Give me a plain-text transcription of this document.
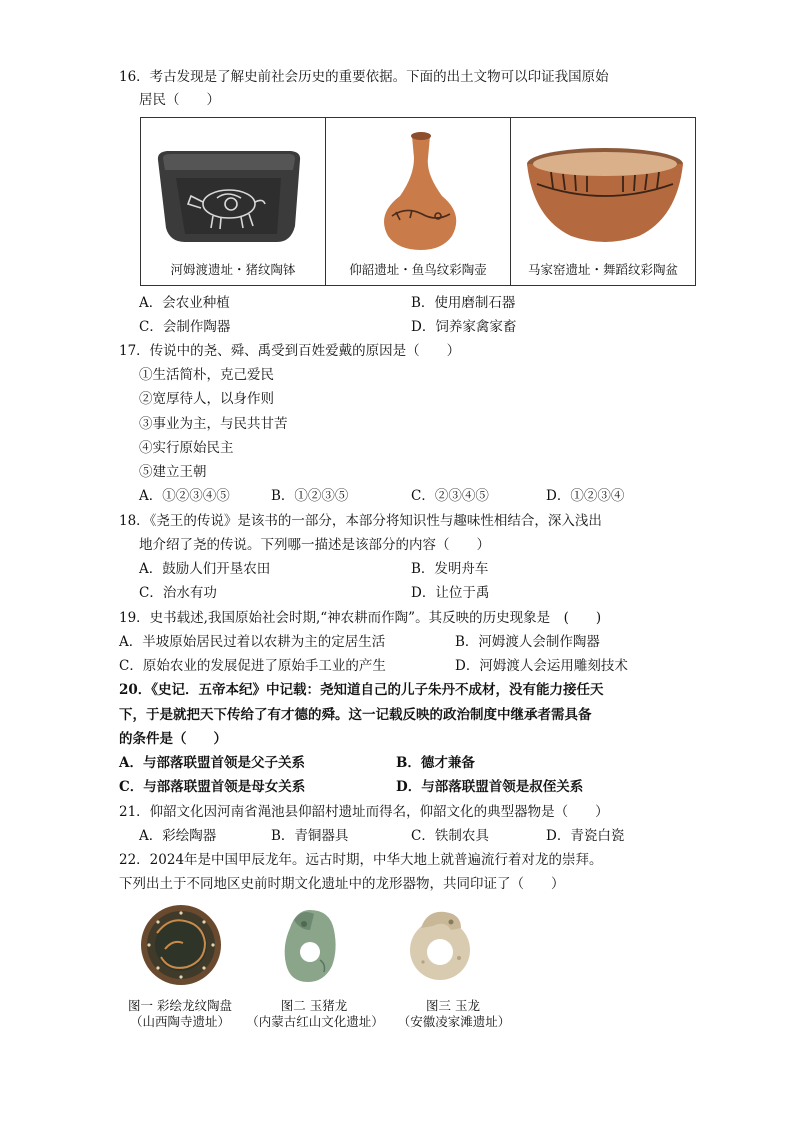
16．考古发现是了解史前社会历史的重要依据。下面的出土文物可以印证我国原始
居民（　　）
河姆渡遗址・猪纹陶钵	仰韶遗址・鱼鸟纹彩陶壶	马家窑遗址・舞蹈纹彩陶盆
A．会农业种植	B．使用磨制石器
C．会制作陶器	D．饲养家禽家畜
17．传说中的尧、舜、禹受到百姓爱戴的原因是（　　）
①生活简朴，克己爱民
②宽厚待人，以身作则
③事业为主，与民共甘苦
④实行原始民主
⑤建立王朝
A．①②③④⑤	B．①②③⑤	C．②③④⑤	D．①②③④
18．《尧王的传说》是该书的一部分，本部分将知识性与趣味性相结合，深入浅出
地介绍了尧的传说。下列哪一描述是该部分的内容（　　）
A．鼓励人们开垦农田	B．发明舟车
C．治水有功	D．让位于禹
19．史书载述,我国原始社会时期,“神农耕而作陶”。其反映的历史现象是　(　　)
A．半坡原始居民过着以农耕为主的定居生活	B．河姆渡人会制作陶器
C．原始农业的发展促进了原始手工业的产生	D．河姆渡人会运用雕刻技术
20．《史记．五帝本纪》中记载：尧知道自己的儿子朱丹不成材，没有能力接任天
下，于是就把天下传给了有才德的舜。这一记载反映的政治制度中继承者需具备
的条件是（　　）
A．与部落联盟首领是父子关系	B．德才兼备
C．与部落联盟首领是母女关系	D．与部落联盟首领是叔侄关系
21．仰韶文化因河南省渑池县仰韶村遗址而得名，仰韶文化的典型器物是（　　）
A．彩绘陶器	B．青铜器具	C．铁制农具	D．青瓷白瓷
22．2024年是中国甲辰龙年。远古时期，中华大地上就普遍流行着对龙的崇拜。
下列出土于不同地区史前时期文化遗址中的龙形器物，共同印证了（　　）
图一 彩绘龙纹陶盘
（山西陶寺遗址）
图二 玉猪龙
（内蒙古红山文化遗址）
图三 玉龙
（安徽凌家滩遗址）
